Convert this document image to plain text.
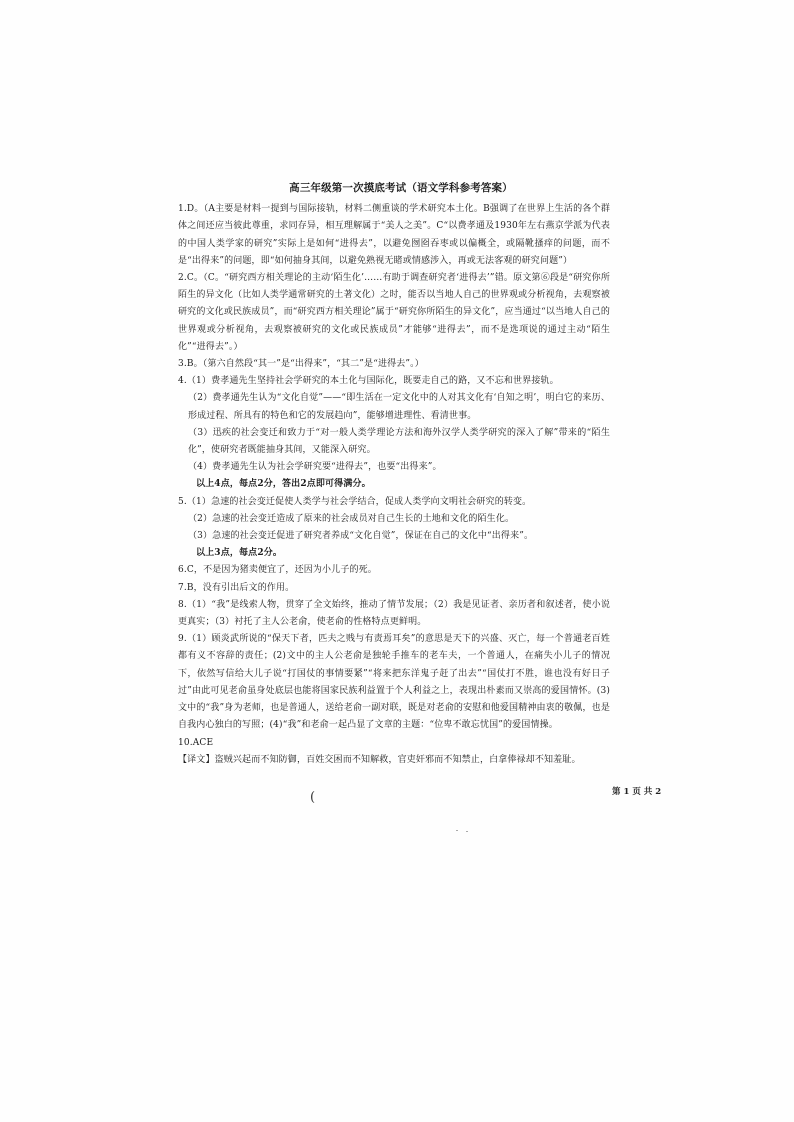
高三年级第一次摸底考试（语文学科参考答案）

1.D。（A主要是材料一提到与国际接轨，材料二侧重谈的学术研究本土化。B强调了在世界上生活的各个群体之间还应当彼此尊重，求同存异，相互理解属于“美人之美”。C“以费孝通及1930年左右燕京学派为代表的中国人类学家的研究”实际上是如何“进得去”，以避免囫囵吞枣或以偏概全，或隔靴搔痒的问题，而不是“出得来”的问题，即“如何抽身其间，以避免熟视无睹或情感涉入，再或无法客观的研究问题”）

2.C。（C。“研究西方相关理论的主动‘陌生化’……有助于调查研究者‘进得去’”错。原文第⑥段是“研究你所陌生的异文化（比如人类学通常研究的土著文化）之时，能否以当地人自己的世界观或分析视角，去观察被研究的文化或民族成员”，而“研究西方相关理论”属于“研究你所陌生的异文化”，应当通过“以当地人自己的世界观或分析视角，去观察被研究的文化或民族成员”才能够“进得去”，而不是选项说的通过主动“陌生化”“进得去”。）

3.B。（第六自然段“其一”是“出得来”，“其二”是“进得去”。）

4.（1）费孝通先生坚持社会学研究的本土化与国际化，既要走自己的路，又不忘和世界接轨。

（2）费孝通先生认为“文化自觉”——“即生活在一定文化中的人对其文化有‘自知之明’，明白它的来历、形成过程、所具有的特色和它的发展趋向”，能够增进理性、看清世事。

（3）迅疾的社会变迁和致力于“对一般人类学理论方法和海外汉学人类学研究的深入了解”带来的“陌生化”，使研究者既能抽身其间，又能深入研究。

（4）费孝通先生认为社会学研究要“进得去”，也要“出得来”。

以上4点，每点2分，答出2点即可得满分。

5.（1）急速的社会变迁促使人类学与社会学结合，促成人类学向文明社会研究的转变。

（2）急速的社会变迁造成了原来的社会成员对自己生长的土地和文化的陌生化。

（3）急速的社会变迁促进了研究者养成“文化自觉”，保证在自己的文化中“出得来”。

以上3点，每点2分。

6.C，不是因为猪卖便宜了，还因为小儿子的死。

7.B，没有引出后文的作用。

8.（1）“我”是线索人物，贯穿了全文始终，推动了情节发展；（2）我是见证者、亲历者和叙述者，使小说更真实；（3）衬托了主人公老俞，使老俞的性格特点更鲜明。

9.（1）顾炎武所说的“保天下者，匹夫之贱与有责焉耳矣”的意思是天下的兴盛、灭亡，每一个普通老百姓都有义不容辞的责任；(2)文中的主人公老俞是独轮手推车的老车夫，一个普通人，在痛失小儿子的情况下，依然写信给大儿子说“打国仗的事情要紧”“将来把东洋鬼子赶了出去”“国仗打不胜，谁也没有好日子过”由此可见老俞虽身处底层也能将国家民族利益置于个人利益之上，表现出朴素而又崇高的爱国情怀。(3) 文中的“我”身为老师，也是普通人，送给老俞一副对联，既是对老俞的安慰和他爱国精神由衷的敬佩，也是自我内心独白的写照；(4)“我”和老俞一起凸显了文章的主题：“位卑不敢忘忧国”的爱国情操。

10.ACE

【译文】盗贼兴起而不知防御，百姓交困而不知解救，官吏奸邪而不知禁止，白拿俸禄却不知羞耻。

(	第 1 页 共 2
